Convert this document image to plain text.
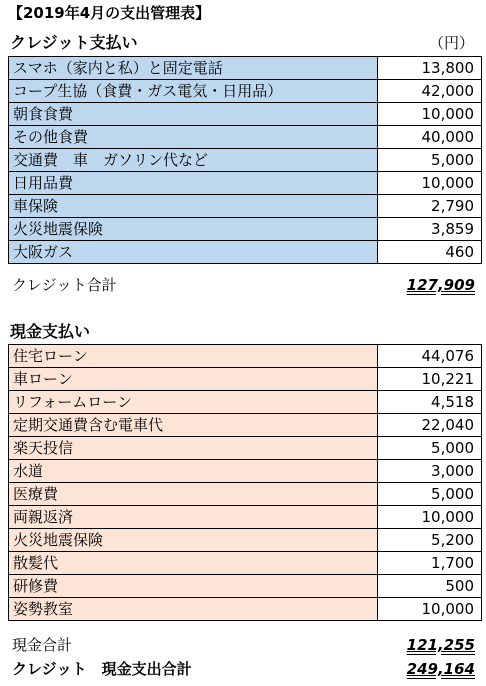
【2019年4月の支出管理表】
クレジット支払い	（円）
スマホ（家内と私）と固定電話	13,800
コープ生協（食費・ガス電気・日用品）	42,000
朝食食費	10,000
その他食費	40,000
交通費　車　ガソリン代など	5,000
日用品費	10,000
車保険	2,790
火災地震保険	3,859
大阪ガス	460
クレジット合計	127,909
現金支払い
住宅ローン	44,076
車ローン	10,221
リフォームローン	4,518
定期交通費含む電車代	22,040
楽天投信	5,000
水道	3,000
医療費	5,000
両親返済	10,000
火災地震保険	5,200
散髪代	1,700
研修費	500
姿勢教室	10,000
現金合計	121,255
クレジット　現金支出合計	249,164
